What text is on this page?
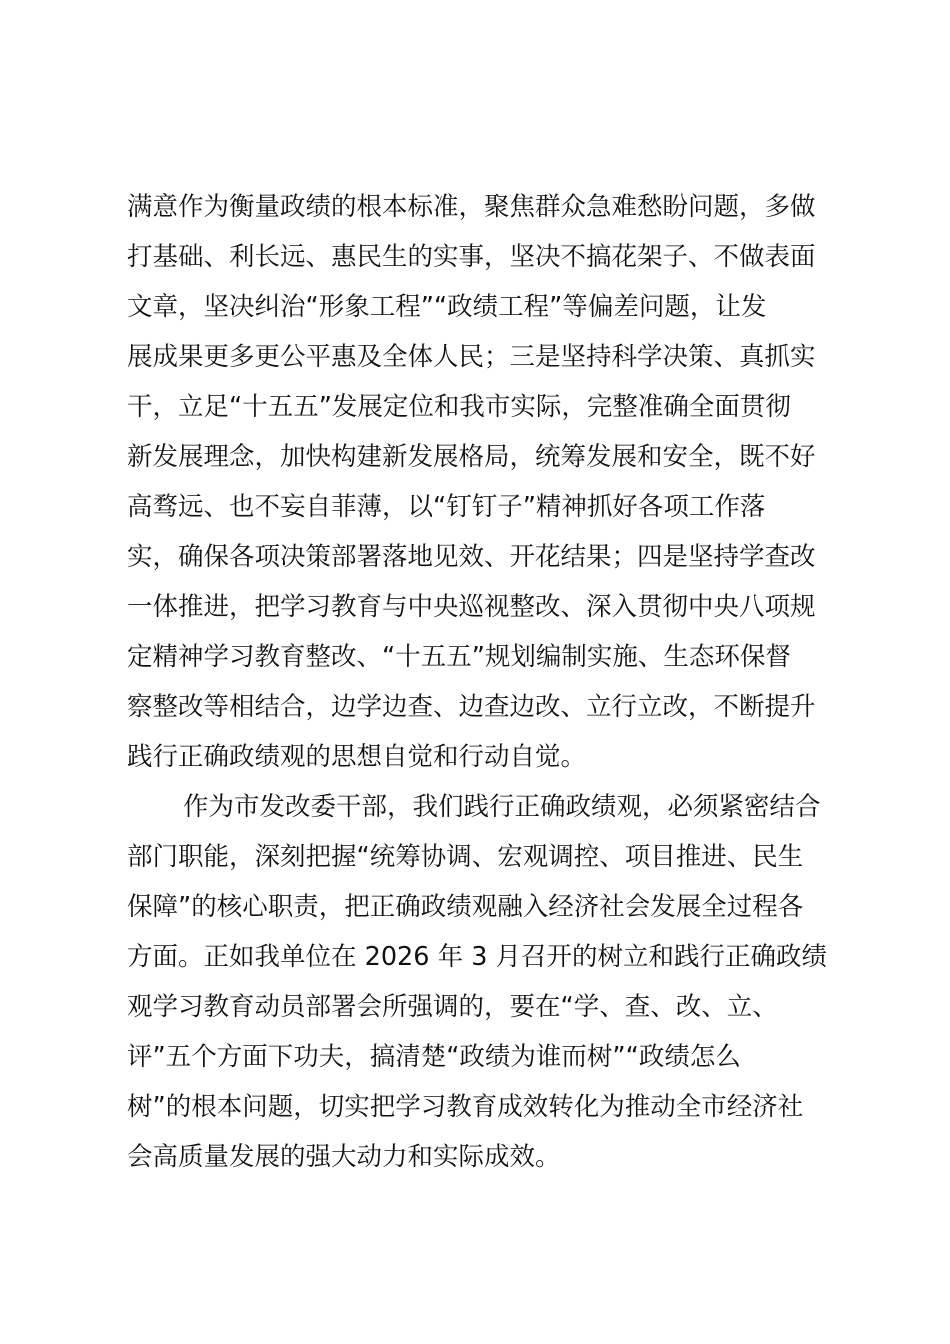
满意作为衡量政绩的根本标准，聚焦群众急难愁盼问题，多做
打基础、利长远、惠民生的实事，坚决不搞花架子、不做表面
文章，坚决纠治“形象工程”“政绩工程”等偏差问题，让发
展成果更多更公平惠及全体人民；三是坚持科学决策、真抓实
干，立足“十五五”发展定位和我市实际，完整准确全面贯彻
新发展理念，加快构建新发展格局，统筹发展和安全，既不好
高骛远、也不妄自菲薄，以“钉钉子”精神抓好各项工作落
实，确保各项决策部署落地见效、开花结果；四是坚持学查改
一体推进，把学习教育与中央巡视整改、深入贯彻中央八项规
定精神学习教育整改、“十五五”规划编制实施、生态环保督
察整改等相结合，边学边查、边查边改、立行立改，不断提升
践行正确政绩观的思想自觉和行动自觉。
作为市发改委干部，我们践行正确政绩观，必须紧密结合
部门职能，深刻把握“统筹协调、宏观调控、项目推进、民生
保障”的核心职责，把正确政绩观融入经济社会发展全过程各
方面。正如我单位在 2026 年 3 月召开的树立和践行正确政绩
观学习教育动员部署会所强调的，要在“学、查、改、立、
评”五个方面下功夫，搞清楚“政绩为谁而树”“政绩怎么
树”的根本问题，切实把学习教育成效转化为推动全市经济社
会高质量发展的强大动力和实际成效。
